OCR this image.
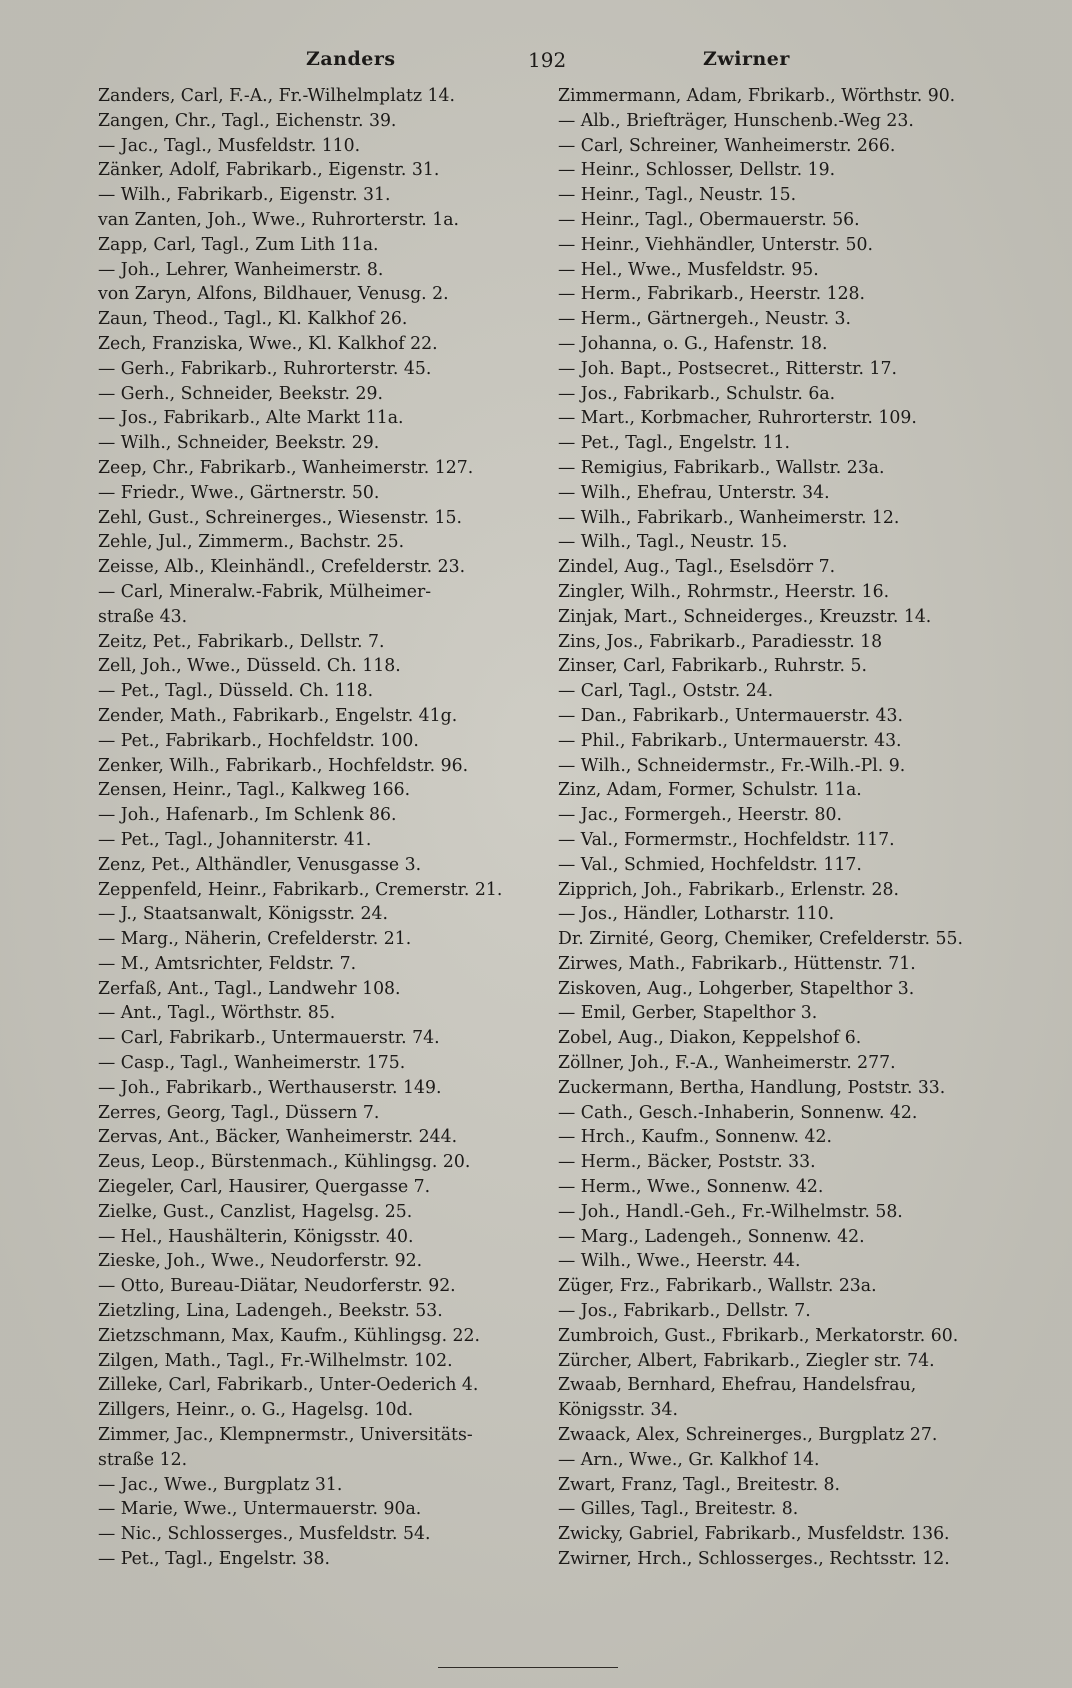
Zanders	192	Zwirner
Zanders, Carl, F.-A., Fr.-Wilhelmplatz 14.
Zangen, Chr., Tagl., Eichenstr. 39.
— Jac., Tagl., Musfeldstr. 110.
Zänker, Adolf, Fabrikarb., Eigenstr. 31.
— Wilh., Fabrikarb., Eigenstr. 31.
van Zanten, Joh., Wwe., Ruhrorterstr. 1a.
Zapp, Carl, Tagl., Zum Lith 11a.
— Joh., Lehrer, Wanheimerstr. 8.
von Zaryn, Alfons, Bildhauer, Venusg. 2.
Zaun, Theod., Tagl., Kl. Kalkhof 26.
Zech, Franziska, Wwe., Kl. Kalkhof 22.
— Gerh., Fabrikarb., Ruhrorterstr. 45.
— Gerh., Schneider, Beekstr. 29.
— Jos., Fabrikarb., Alte Markt 11a.
— Wilh., Schneider, Beekstr. 29.
Zeep, Chr., Fabrikarb., Wanheimerstr. 127.
— Friedr., Wwe., Gärtnerstr. 50.
Zehl, Gust., Schreinerges., Wiesenstr. 15.
Zehle, Jul., Zimmerm., Bachstr. 25.
Zeisse, Alb., Kleinhändl., Crefelderstr. 23.
— Carl, Mineralw.-Fabrik, Mülheimer-
straße 43.
Zeitz, Pet., Fabrikarb., Dellstr. 7.
Zell, Joh., Wwe., Düsseld. Ch. 118.
— Pet., Tagl., Düsseld. Ch. 118.
Zender, Math., Fabrikarb., Engelstr. 41g.
— Pet., Fabrikarb., Hochfeldstr. 100.
Zenker, Wilh., Fabrikarb., Hochfeldstr. 96.
Zensen, Heinr., Tagl., Kalkweg 166.
— Joh., Hafenarb., Im Schlenk 86.
— Pet., Tagl., Johanniterstr. 41.
Zenz, Pet., Althändler, Venusgasse 3.
Zeppenfeld, Heinr., Fabrikarb., Cremerstr. 21.
— J., Staatsanwalt, Königsstr. 24.
— Marg., Näherin, Crefelderstr. 21.
— M., Amtsrichter, Feldstr. 7.
Zerfaß, Ant., Tagl., Landwehr 108.
— Ant., Tagl., Wörthstr. 85.
— Carl, Fabrikarb., Untermauerstr. 74.
— Casp., Tagl., Wanheimerstr. 175.
— Joh., Fabrikarb., Werthauserstr. 149.
Zerres, Georg, Tagl., Düssern 7.
Zervas, Ant., Bäcker, Wanheimerstr. 244.
Zeus, Leop., Bürstenmach., Kühlingsg. 20.
Ziegeler, Carl, Hausirer, Quergasse 7.
Zielke, Gust., Canzlist, Hagelsg. 25.
— Hel., Haushälterin, Königsstr. 40.
Zieske, Joh., Wwe., Neudorferstr. 92.
— Otto, Bureau-Diätar, Neudorferstr. 92.
Zietzling, Lina, Ladengeh., Beekstr. 53.
Zietzschmann, Max, Kaufm., Kühlingsg. 22.
Zilgen, Math., Tagl., Fr.-Wilhelmstr. 102.
Zilleke, Carl, Fabrikarb., Unter-Oederich 4.
Zillgers, Heinr., o. G., Hagelsg. 10d.
Zimmer, Jac., Klempnermstr., Universitäts-
straße 12.
— Jac., Wwe., Burgplatz 31.
— Marie, Wwe., Untermauerstr. 90a.
— Nic., Schlosserges., Musfeldstr. 54.
— Pet., Tagl., Engelstr. 38.
Zimmermann, Adam, Fbrikarb., Wörthstr. 90.
— Alb., Briefträger, Hunschenb.-Weg 23.
— Carl, Schreiner, Wanheimerstr. 266.
— Heinr., Schlosser, Dellstr. 19.
— Heinr., Tagl., Neustr. 15.
— Heinr., Tagl., Obermauerstr. 56.
— Heinr., Viehhändler, Unterstr. 50.
— Hel., Wwe., Musfeldstr. 95.
— Herm., Fabrikarb., Heerstr. 128.
— Herm., Gärtnergeh., Neustr. 3.
— Johanna, o. G., Hafenstr. 18.
— Joh. Bapt., Postsecret., Ritterstr. 17.
— Jos., Fabrikarb., Schulstr. 6a.
— Mart., Korbmacher, Ruhrorterstr. 109.
— Pet., Tagl., Engelstr. 11.
— Remigius, Fabrikarb., Wallstr. 23a.
— Wilh., Ehefrau, Unterstr. 34.
— Wilh., Fabrikarb., Wanheimerstr. 12.
— Wilh., Tagl., Neustr. 15.
Zindel, Aug., Tagl., Eselsdörr 7.
Zingler, Wilh., Rohrmstr., Heerstr. 16.
Zinjak, Mart., Schneiderges., Kreuzstr. 14.
Zins, Jos., Fabrikarb., Paradiesstr. 18
Zinser, Carl, Fabrikarb., Ruhrstr. 5.
— Carl, Tagl., Oststr. 24.
— Dan., Fabrikarb., Untermauerstr. 43.
— Phil., Fabrikarb., Untermauerstr. 43.
— Wilh., Schneidermstr., Fr.-Wilh.-Pl. 9.
Zinz, Adam, Former, Schulstr. 11a.
— Jac., Formergeh., Heerstr. 80.
— Val., Formermstr., Hochfeldstr. 117.
— Val., Schmied, Hochfeldstr. 117.
Zipprich, Joh., Fabrikarb., Erlenstr. 28.
— Jos., Händler, Lotharstr. 110.
Dr. Zirnité, Georg, Chemiker, Crefelderstr. 55.
Zirwes, Math., Fabrikarb., Hüttenstr. 71.
Ziskoven, Aug., Lohgerber, Stapelthor 3.
— Emil, Gerber, Stapelthor 3.
Zobel, Aug., Diakon, Keppelshof 6.
Zöllner, Joh., F.-A., Wanheimerstr. 277.
Zuckermann, Bertha, Handlung, Poststr. 33.
— Cath., Gesch.-Inhaberin, Sonnenw. 42.
— Hrch., Kaufm., Sonnenw. 42.
— Herm., Bäcker, Poststr. 33.
— Herm., Wwe., Sonnenw. 42.
— Joh., Handl.-Geh., Fr.-Wilhelmstr. 58.
— Marg., Ladengeh., Sonnenw. 42.
— Wilh., Wwe., Heerstr. 44.
Züger, Frz., Fabrikarb., Wallstr. 23a.
— Jos., Fabrikarb., Dellstr. 7.
Zumbroich, Gust., Fbrikarb., Merkatorstr. 60.
Zürcher, Albert, Fabrikarb., Ziegler str. 74.
Zwaab, Bernhard, Ehefrau, Handelsfrau,
Königsstr. 34.
Zwaack, Alex, Schreinerges., Burgplatz 27.
— Arn., Wwe., Gr. Kalkhof 14.
Zwart, Franz, Tagl., Breitestr. 8.
— Gilles, Tagl., Breitestr. 8.
Zwicky, Gabriel, Fabrikarb., Musfeldstr. 136.
Zwirner, Hrch., Schlosserges., Rechtsstr. 12.
